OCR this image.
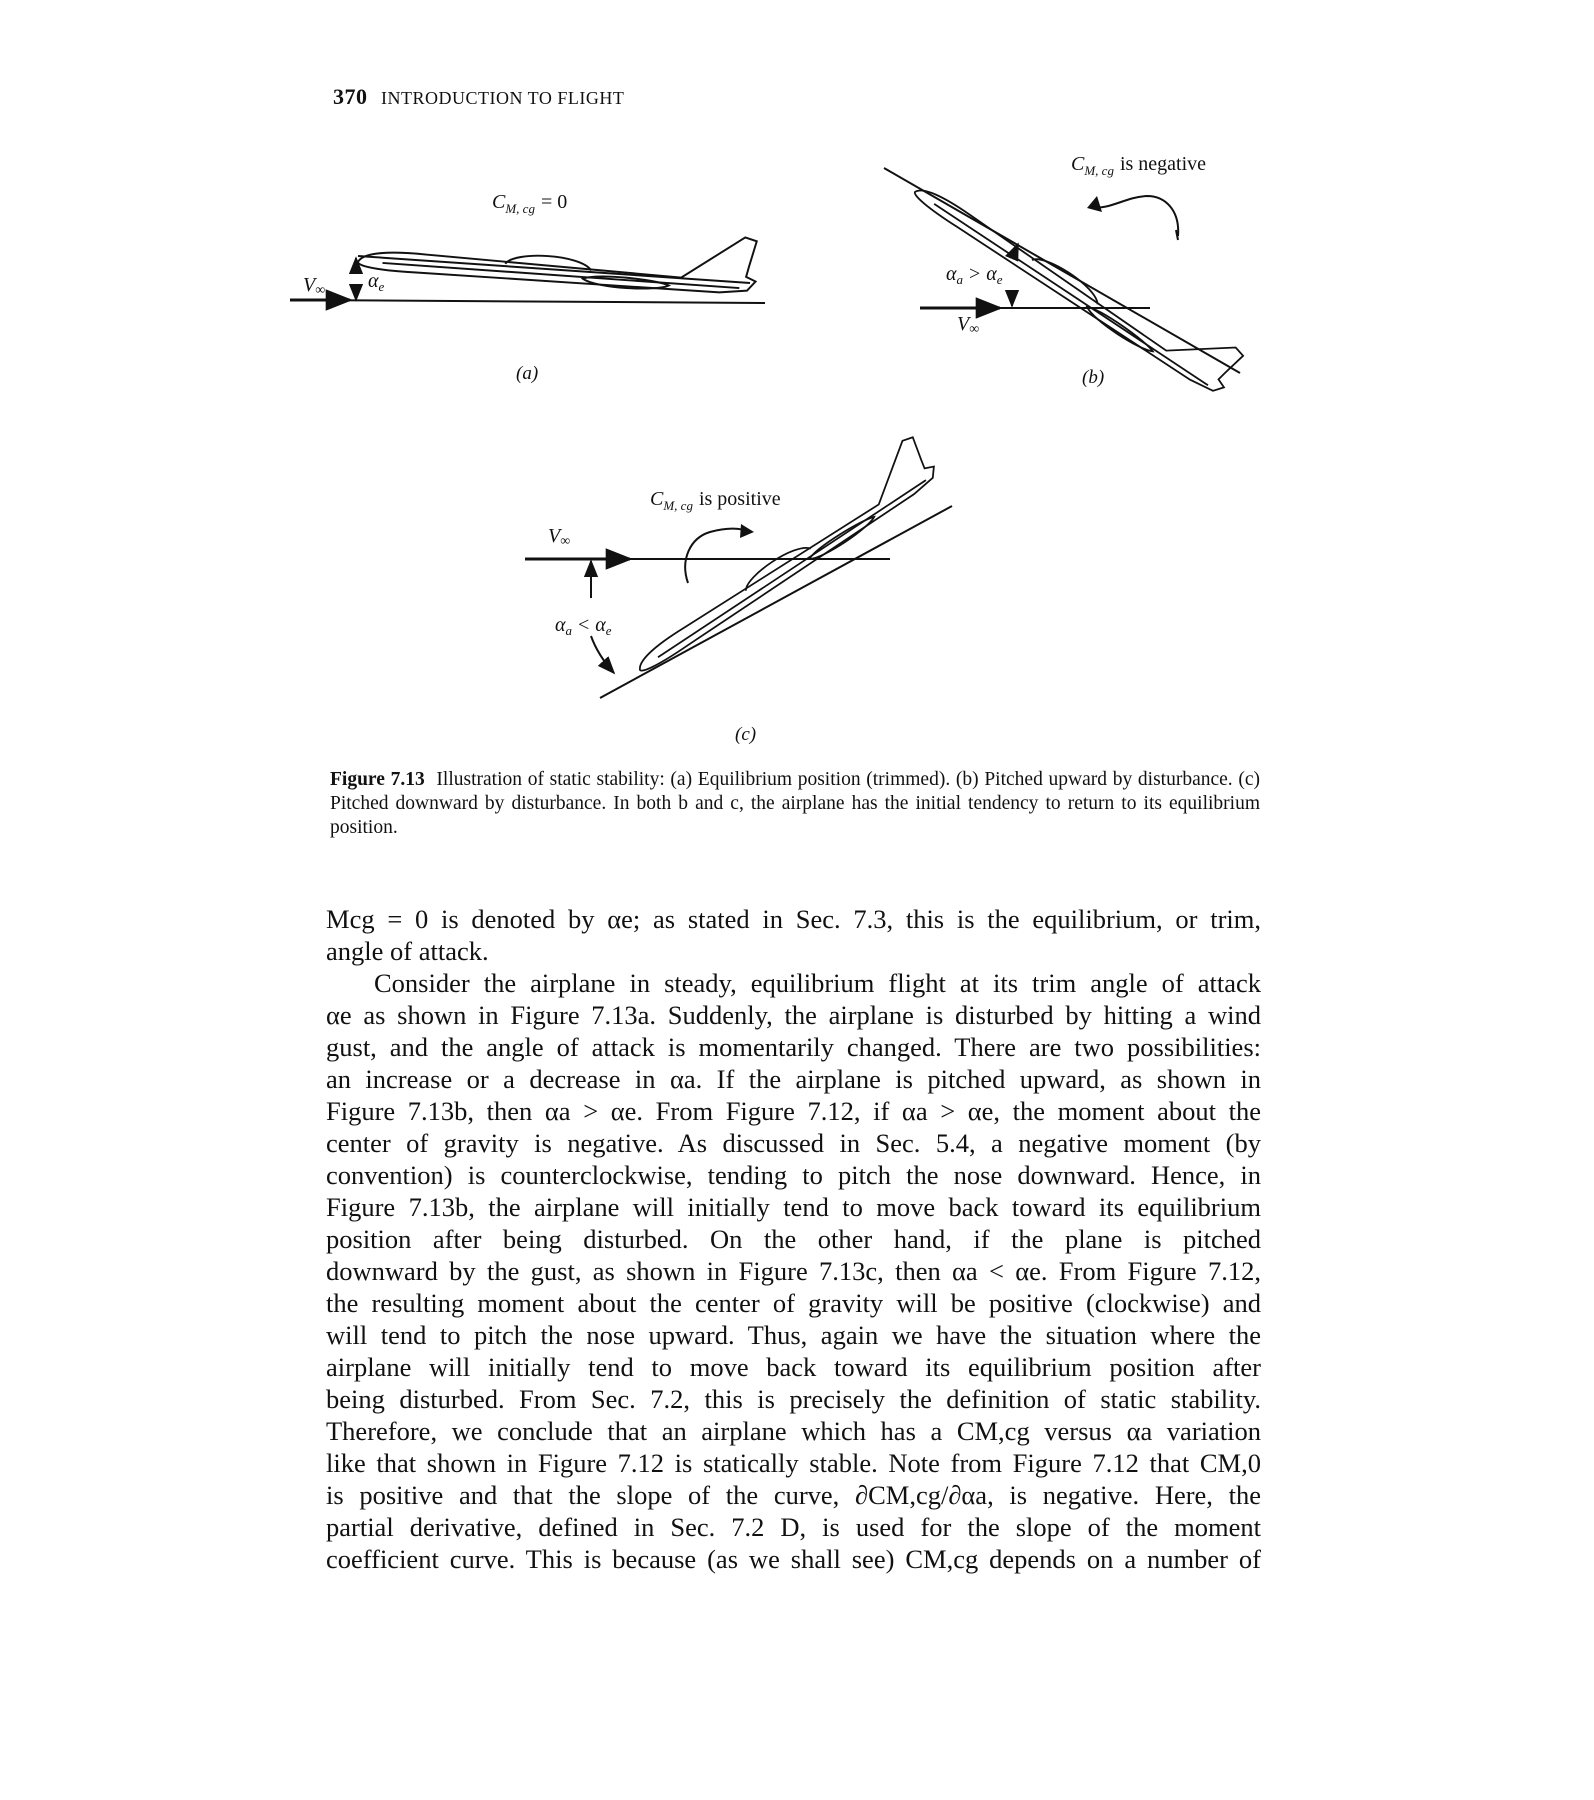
370 INTRODUCTION TO FLIGHT
$C_{M, cg} = 0$
$\alpha_e$
V∞
(a)
$C_{M, cg}$ is negative
$\alpha_a > \alpha_e$
V∞
(b)
$C_{M, cg}$ is positive
V∞
$\alpha_a < \alpha_e$
(c)
Figure 7.13 Illustration of static stability: (a) Equilibrium position (trimmed). (b) Pitched upward by disturbance. (c) Pitched downward by disturbance. In both b and c, the airplane has the initial tendency to return to its equilibrium position.

Mcg = 0 is denoted by αe; as stated in Sec. 7.3, this is the equilibrium, or trim,
angle of attack.

Consider the airplane in steady, equilibrium flight at its trim angle of attack
αe as shown in Figure 7.13a. Suddenly, the airplane is disturbed by hitting a wind
gust, and the angle of attack is momentarily changed. There are two possibilities:
an increase or a decrease in αa. If the airplane is pitched upward, as shown in
Figure 7.13b, then αa > αe. From Figure 7.12, if αa > αe, the moment about the
center of gravity is negative. As discussed in Sec. 5.4, a negative moment (by
convention) is counterclockwise, tending to pitch the nose downward. Hence, in
Figure 7.13b, the airplane will initially tend to move back toward its equilibrium
position after being disturbed. On the other hand, if the plane is pitched
downward by the gust, as shown in Figure 7.13c, then αa < αe. From Figure 7.12,
the resulting moment about the center of gravity will be positive (clockwise) and
will tend to pitch the nose upward. Thus, again we have the situation where the
airplane will initially tend to move back toward its equilibrium position after
being disturbed. From Sec. 7.2, this is precisely the definition of static stability.
Therefore, we conclude that an airplane which has a CM,cg versus αa variation
like that shown in Figure 7.12 is statically stable. Note from Figure 7.12 that CM,0
is positive and that the slope of the curve, ∂CM,cg/∂αa, is negative. Here, the
partial derivative, defined in Sec. 7.2 D, is used for the slope of the moment
coefficient curve. This is because (as we shall see) CM,cg depends on a number of
